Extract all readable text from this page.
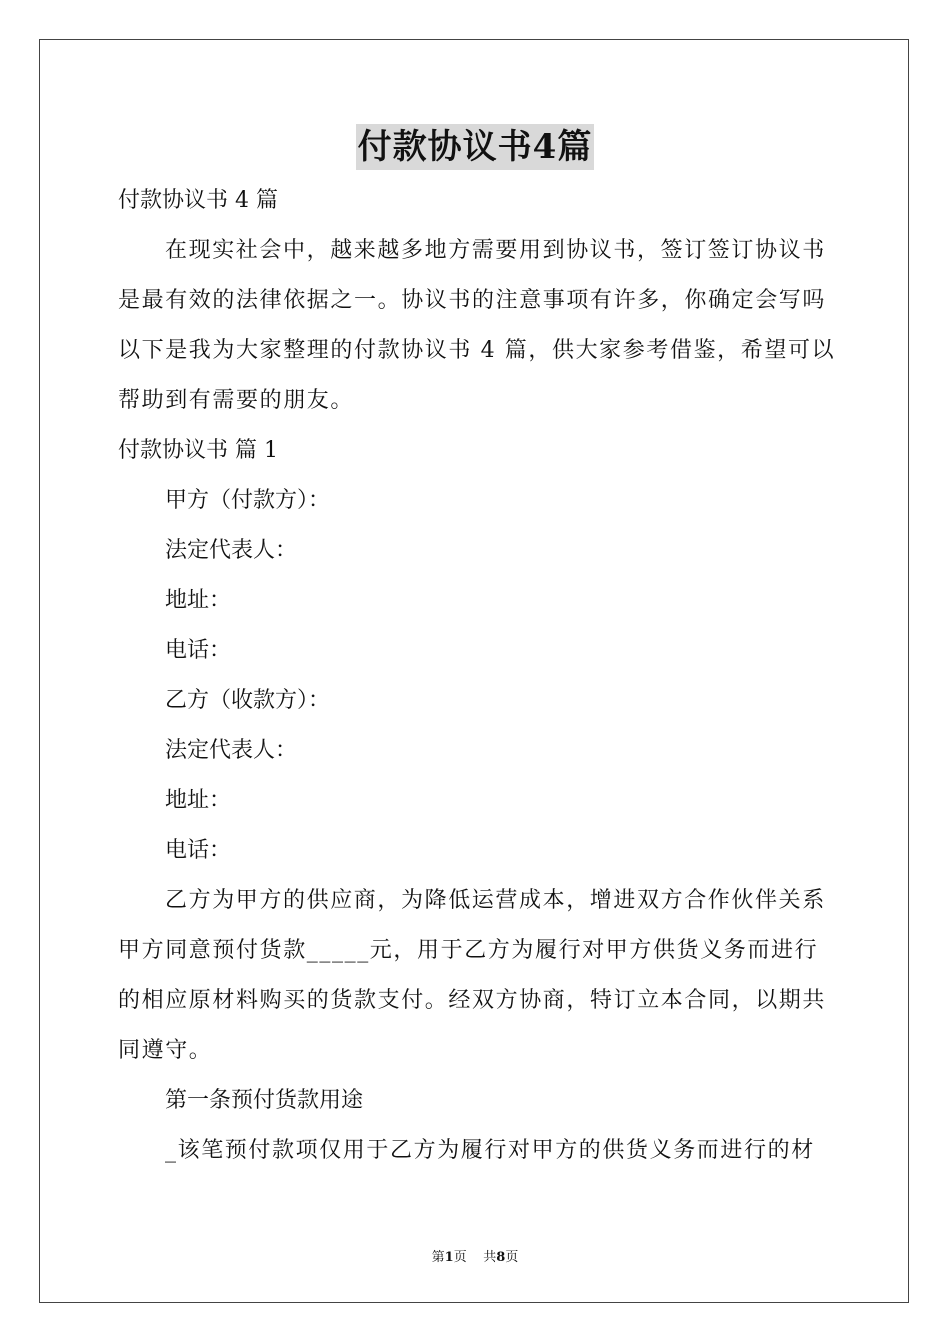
付款协议书4篇
付款协议书 4 篇
在现实社会中，越来越多地方需要用到协议书，签订签订协议书
是最有效的法律依据之一。协议书的注意事项有许多，你确定会写吗
以下是我为大家整理的付款协议书 4 篇，供大家参考借鉴，希望可以
帮助到有需要的朋友。
付款协议书 篇 1
甲方（付款方）：
法定代表人：
地址：
电话：
乙方（收款方）：
法定代表人：
地址：
电话：
乙方为甲方的供应商，为降低运营成本，增进双方合作伙伴关系
甲方同意预付货款_____元，用于乙方为履行对甲方供货义务而进行
的相应原材料购买的货款支付。经双方协商，特订立本合同，以期共
同遵守。
第一条预付货款用途
_该笔预付款项仅用于乙方为履行对甲方的供货义务而进行的材
第1页 共8页
